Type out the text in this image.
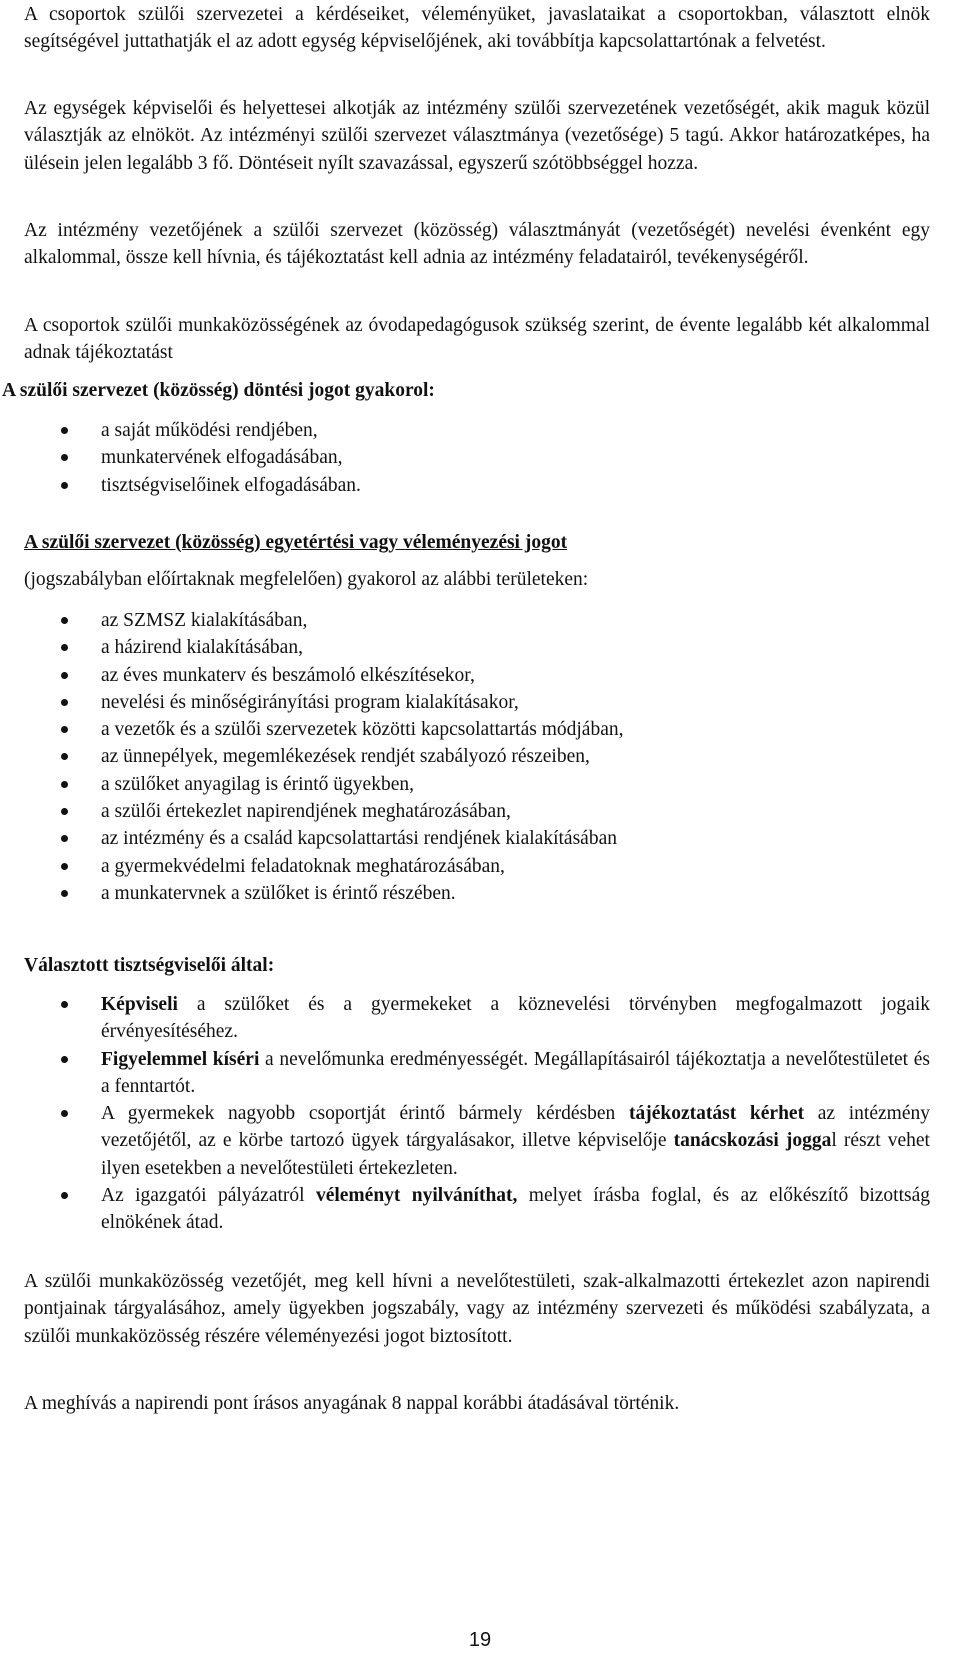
A csoportok szülői szervezetei a kérdéseiket, véleményüket, javaslataikat a csoportokban, választott elnök segítségével juttathatják el az adott egység képviselőjének, aki továbbítja kapcsolattartónak a felvetést.

Az egységek képviselői és helyettesei alkotják az intézmény szülői szervezetének vezetőségét, akik maguk közül választják az elnököt. Az intézményi szülői szervezet választmánya (vezetősége) 5 tagú. Akkor határozatképes, ha ülésein jelen legalább 3 fő. Döntéseit nyílt szavazással, egyszerű szótöbbséggel hozza.

Az intézmény vezetőjének a szülői szervezet (közösség) választmányát (vezetőségét) nevelési évenként egy alkalommal, össze kell hívnia, és tájékoztatást kell adnia az intézmény feladatairól, tevékenységéről.

A csoportok szülői munkaközösségének az óvodapedagógusok szükség szerint, de évente legalább két alkalommal adnak tájékoztatást

A szülői szervezet (közösség) döntési jogot gyakorol:

a saját működési rendjében,
munkatervének elfogadásában,
tisztségviselőinek elfogadásában.

A szülői szervezet (közösség) egyetértési vagy véleményezési jogot

(jogszabályban előírtaknak megfelelően) gyakorol az alábbi területeken:

az SZMSZ kialakításában,
a házirend kialakításában,
az éves munkaterv és beszámoló elkészítésekor,
nevelési és minőségirányítási program kialakításakor,
a vezetők és a szülői szervezetek közötti kapcsolattartás módjában,
az ünnepélyek, megemlékezések rendjét szabályozó részeiben,
a szülőket anyagilag is érintő ügyekben,
a szülői értekezlet napirendjének meghatározásában,
az intézmény és a család kapcsolattartási rendjének kialakításában
a gyermekvédelmi feladatoknak meghatározásában,
a munkatervnek a szülőket is érintő részében.

Választott tisztségviselői által:

Képviseli a szülőket és a gyermekeket a köznevelési törvényben megfogalmazott jogaik érvényesítéséhez.
Figyelemmel kíséri a nevelőmunka eredményességét. Megállapításairól tájékoztatja a nevelőtestületet és a fenntartót.
A gyermekek nagyobb csoportját érintő bármely kérdésben tájékoztatást kérhet az intézmény vezetőjétől, az e körbe tartozó ügyek tárgyalásakor, illetve képviselője tanácskozási joggal részt vehet ilyen esetekben a nevelőtestületi értekezleten.
Az igazgatói pályázatról véleményt nyilváníthat, melyet írásba foglal, és az előkészítő bizottság elnökének átad.

A szülői munkaközösség vezetőjét, meg kell hívni a nevelőtestületi, szak-alkalmazotti értekezlet azon napirendi pontjainak tárgyalásához, amely ügyekben jogszabály, vagy az intézmény szervezeti és működési szabályzata, a szülői munkaközösség részére véleményezési jogot biztosított.

A meghívás a napirendi pont írásos anyagának 8 nappal korábbi átadásával történik.

19
